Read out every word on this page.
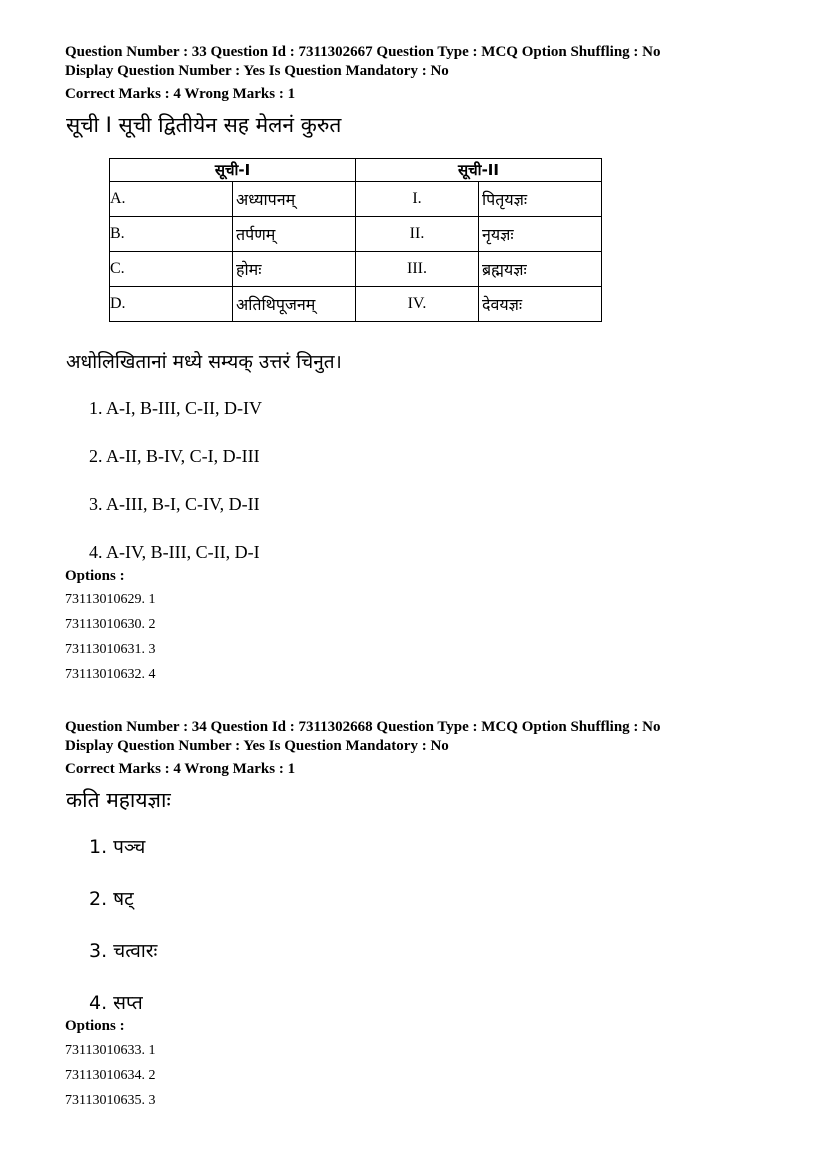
Question Number : 33 Question Id : 7311302667 Question Type : MCQ Option Shuffling : No
Display Question Number : Yes Is Question Mandatory : No
Correct Marks : 4 Wrong Marks : 1
सूची I सूची द्वितीयेन सह मेलनं कुरुत
सूची-I		सूची-II	
A.	अध्यापनम्	I.	पितृयज्ञः
B.	तर्पणम्	II.	नृयज्ञः
C.	होमः	III.	ब्रह्मयज्ञः
D.	अतिथिपूजनम्	IV.	देवयज्ञः
अधोलिखितानां मध्ये सम्यक् उत्तरं चिनुत।
1. A-I, B-III, C-II, D-IV
2. A-II, B-IV, C-I, D-III
3. A-III, B-I, C-IV, D-II
4. A-IV, B-III, C-II, D-I
Options :
73113010629. 1
73113010630. 2
73113010631. 3
73113010632. 4
Question Number : 34 Question Id : 7311302668 Question Type : MCQ Option Shuffling : No
Display Question Number : Yes Is Question Mandatory : No
Correct Marks : 4 Wrong Marks : 1
कति महायज्ञाः
1. पञ्च
2. षट्
3. चत्वारः
4. सप्त
Options :
73113010633. 1
73113010634. 2
73113010635. 3
